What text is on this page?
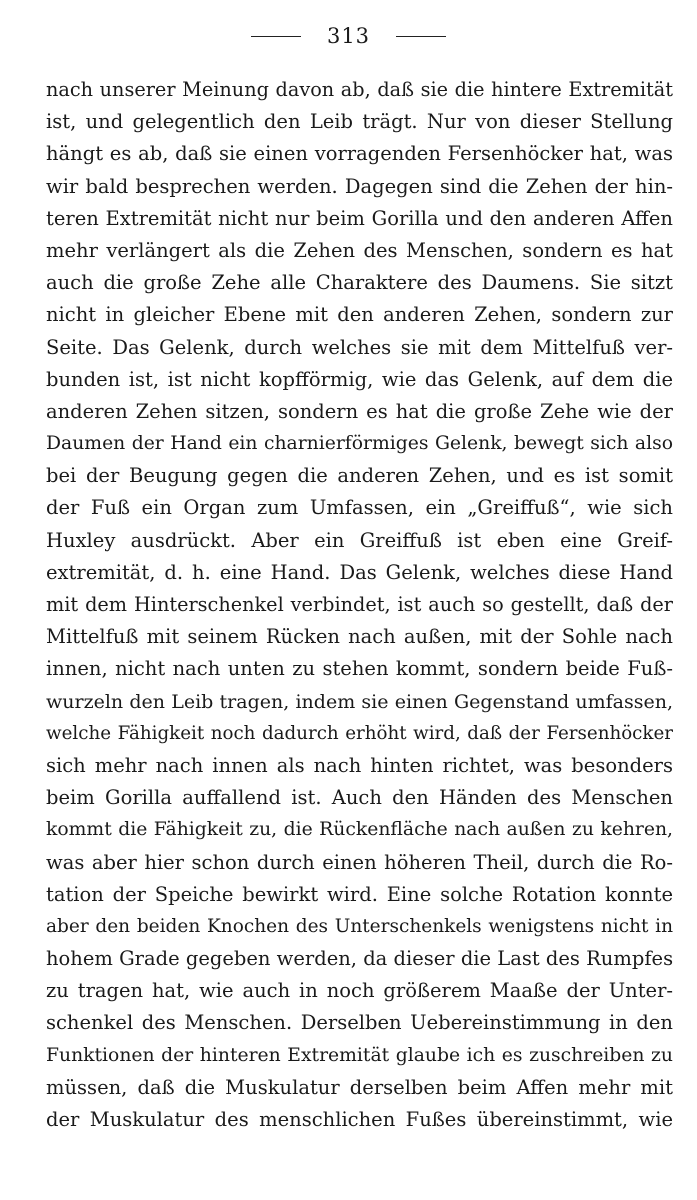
313
nach unserer Meinung davon ab, daß sie die hintere Extremität
ist, und gelegentlich den Leib trägt. Nur von dieser Stellung
hängt es ab, daß sie einen vorragenden Fersenhöcker hat, was
wir bald besprechen werden. Dagegen sind die Zehen der hin-
teren Extremität nicht nur beim Gorilla und den anderen Affen
mehr verlängert als die Zehen des Menschen, sondern es hat
auch die große Zehe alle Charaktere des Daumens. Sie sitzt
nicht in gleicher Ebene mit den anderen Zehen, sondern zur
Seite. Das Gelenk, durch welches sie mit dem Mittelfuß ver-
bunden ist, ist nicht kopfförmig, wie das Gelenk, auf dem die
anderen Zehen sitzen, sondern es hat die große Zehe wie der
Daumen der Hand ein charnierförmiges Gelenk, bewegt sich also
bei der Beugung gegen die anderen Zehen, und es ist somit
der Fuß ein Organ zum Umfassen, ein „Greiffuß“, wie sich
Huxley ausdrückt. Aber ein Greiffuß ist eben eine Greif-
extremität, d. h. eine Hand. Das Gelenk, welches diese Hand
mit dem Hinterschenkel verbindet, ist auch so gestellt, daß der
Mittelfuß mit seinem Rücken nach außen, mit der Sohle nach
innen, nicht nach unten zu stehen kommt, sondern beide Fuß-
wurzeln den Leib tragen, indem sie einen Gegenstand umfassen,
welche Fähigkeit noch dadurch erhöht wird, daß der Fersenhöcker
sich mehr nach innen als nach hinten richtet, was besonders
beim Gorilla auffallend ist. Auch den Händen des Menschen
kommt die Fähigkeit zu, die Rückenfläche nach außen zu kehren,
was aber hier schon durch einen höheren Theil, durch die Ro-
tation der Speiche bewirkt wird. Eine solche Rotation konnte
aber den beiden Knochen des Unterschenkels wenigstens nicht in
hohem Grade gegeben werden, da dieser die Last des Rumpfes
zu tragen hat, wie auch in noch größerem Maaße der Unter-
schenkel des Menschen. Derselben Uebereinstimmung in den
Funktionen der hinteren Extremität glaube ich es zuschreiben zu
müssen, daß die Muskulatur derselben beim Affen mehr mit
der Muskulatur des menschlichen Fußes übereinstimmt, wie
